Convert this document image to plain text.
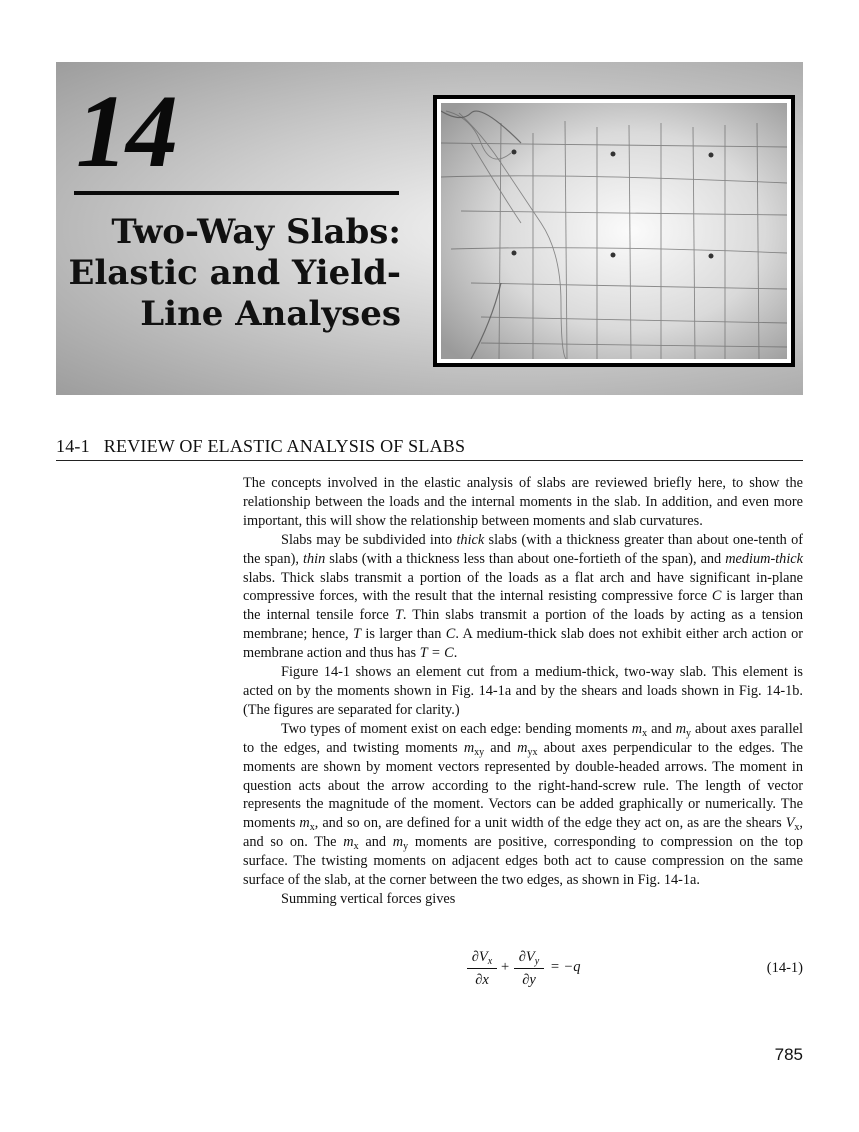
14
Two-Way Slabs:
Elastic and Yield-
Line Analyses
14-1 REVIEW OF ELASTIC ANALYSIS OF SLABS

The concepts involved in the elastic analysis of slabs are reviewed briefly here, to show the relationship between the loads and the internal moments in the slab. In addition, and even more important, this will show the relationship between moments and slab curvatures.

Slabs may be subdivided into thick slabs (with a thickness greater than about one-tenth of the span), thin slabs (with a thickness less than about one-fortieth of the span), and medium-thick slabs. Thick slabs transmit a portion of the loads as a flat arch and have significant in-plane compressive forces, with the result that the internal resisting compressive force C is larger than the internal tensile force T. Thin slabs transmit a portion of the loads by acting as a tension membrane; hence, T is larger than C. A medium-thick slab does not exhibit either arch action or membrane action and thus has T = C.

Figure 14-1 shows an element cut from a medium-thick, two-way slab. This element is acted on by the moments shown in Fig. 14-1a and by the shears and loads shown in Fig. 14-1b. (The figures are separated for clarity.)

Two types of moment exist on each edge: bending moments $m_x$ and $m_y$ about axes parallel to the edges, and twisting moments $m_{xy}$ and $m_{yx}$ about axes perpendicular to the edges. The moments are shown by moment vectors represented by double-headed arrows. The moment in question acts about the arrow according to the right-hand-screw rule. The length of vector represents the magnitude of the moment. Vectors can be added graphically or numerically. The moments $m_x$, and so on, are defined for a unit width of the edge they act on, as are the shears $V_x$, and so on. The $m_x$ and $m_y$ moments are positive, corresponding to compression on the top surface. The twisting moments on adjacent edges both act to cause compression on the same surface of the slab, at the corner between the two edges, as shown in Fig. 14-1a.

Summing vertical forces gives

$\partial V_x$
∂x
+
$\partial V_y$
∂y
= −q	(14-1)
785
